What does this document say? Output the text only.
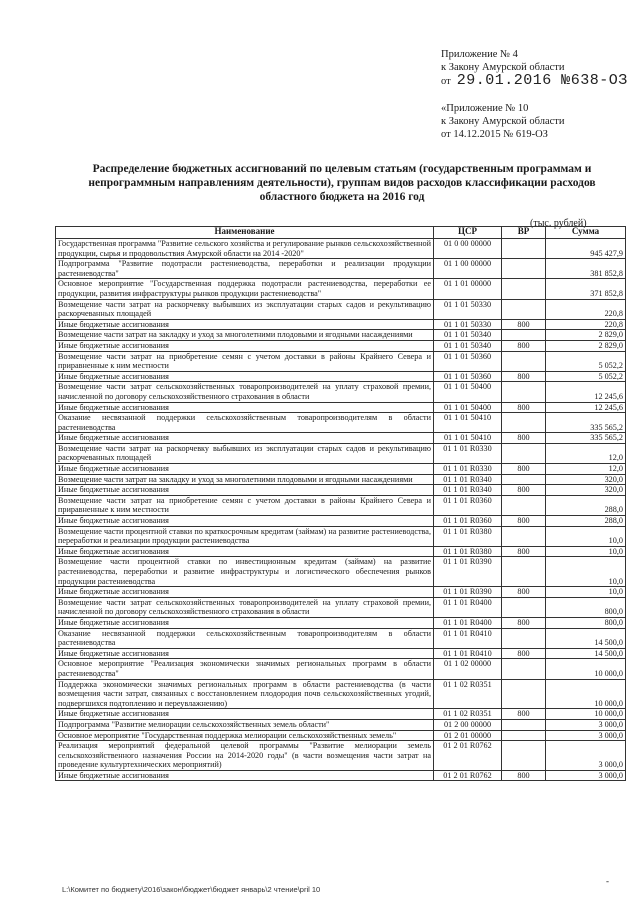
Приложение № 4
к Закону Амурской области
от 29.01.2016 №638-ОЗ
«Приложение № 10
к Закону Амурской области
от 14.12.2015 № 619-ОЗ
Распределение бюджетных ассигнований по целевым статьям (государственным программам и непрограммным направлениям деятельности), группам видов расходов классификации расходов областного бюджета на 2016 год
(тыс. рублей)
Наименование	ЦСР	ВР	Сумма
Государственная программа "Развитие сельского хозяйства и регулирование рынков сельскохозяйственной продукции, сырья и продовольствия Амурской области на 2014 -2020"	01 0 00 00000		945 427,9
Подпрограмма "Развитие подотрасли растениеводства, переработки и реализации продукции растениеводства"	01 1 00 00000		381 852,8
Основное мероприятие "Государственная поддержка подотрасли растениеводства, переработки ее продукции, развития инфраструктуры рынков продукции растениеводства"	01 1 01 00000		371 852,8
Возмещение части затрат на раскорчевку выбывших из эксплуатации старых садов и рекультивацию раскорчеванных площадей	01 1 01 50330		220,8
Иные бюджетные ассигнования	01 1 01 50330	800	220,8
Возмещение части затрат на закладку и уход за многолетними плодовыми и ягодными насаждениями	01 1 01 50340		2 829,0
Иные бюджетные ассигнования	01 1 01 50340	800	2 829,0
Возмещение части затрат на приобретение семян с учетом доставки в районы Крайнего Севера и приравненные к ним местности	01 1 01 50360		5 052,2
Иные бюджетные ассигнования	01 1 01 50360	800	5 052,2
Возмещение части затрат сельскохозяйственных товаропроизводителей на уплату страховой премии, начисленной по договору сельскохозяйственного страхования в области	01 1 01 50400		12 245,6
Иные бюджетные ассигнования	01 1 01 50400	800	12 245,6
Оказание несвязанной поддержки сельскохозяйственным товаропроизводителям в области растениеводства	01 1 01 50410		335 565,2
Иные бюджетные ассигнования	01 1 01 50410	800	335 565,2
Возмещение части затрат на раскорчевку выбывших из эксплуатации старых садов и рекультивацию раскорчеванных площадей	01 1 01 R0330		12,0
Иные бюджетные ассигнования	01 1 01 R0330	800	12,0
Возмещение части затрат на закладку и уход за многолетними плодовыми и ягодными насаждениями	01 1 01 R0340		320,0
Иные бюджетные ассигнования	01 1 01 R0340	800	320,0
Возмещение части затрат на приобретение семян с учетом доставки в районы Крайнего Севера и приравненные к ним местности	01 1 01 R0360		288,0
Иные бюджетные ассигнования	01 1 01 R0360	800	288,0
Возмещение части процентной ставки по краткосрочным кредитам (займам) на развитие растениеводства, переработки и реализации продукции растениеводства	01 1 01 R0380		10,0
Иные бюджетные ассигнования	01 1 01 R0380	800	10,0
Возмещение части процентной ставки по инвестиционным кредитам (займам) на развитие растениеводства, переработки и развитие инфраструктуры и логистического обеспечения рынков продукции растениеводства	01 1 01 R0390		10,0
Иные бюджетные ассигнования	01 1 01 R0390	800	10,0
Возмещение части затрат сельскохозяйственных товаропроизводителей на уплату страховой премии, начисленной по договору сельскохозяйственного страхования в области	01 1 01 R0400		800,0
Иные бюджетные ассигнования	01 1 01 R0400	800	800,0
Оказание несвязанной поддержки сельскохозяйственным товаропроизводителям в области растениеводства	01 1 01 R0410		14 500,0
Иные бюджетные ассигнования	01 1 01 R0410	800	14 500,0
Основное мероприятие "Реализация экономически значимых региональных программ в области растениеводства"	01 1 02 00000		10 000,0
Поддержка экономически значимых региональных программ в области растениеводства (в части возмещения части затрат, связанных с восстановлением плодородия почв сельскохозяйственных угодий, подвергшихся подтоплению и переувлажнению)	01 1 02 R0351		10 000,0
Иные бюджетные ассигнования	01 1 02 R0351	800	10 000,0
Подпрограмма "Развитие мелиорации сельскохозяйственных земель области"	01 2 00 00000		3 000,0
Основное мероприятие "Государственная поддержка мелиорации сельскохозяйственных земель"	01 2 01 00000		3 000,0
Реализация мероприятий федеральной целевой программы "Развитие мелиорации земель сельскохозяйственного назначения России на 2014-2020 годы" (в части возмещения части затрат на проведение культуртехнических мероприятий)	01 2 01 R0762		3 000,0
Иные бюджетные ассигнования	01 2 01 R0762	800	3 000,0
L:\Комитет по бюджету\2016\закон\бюджет\бюджет январь\2 чтение\pril 10
-
